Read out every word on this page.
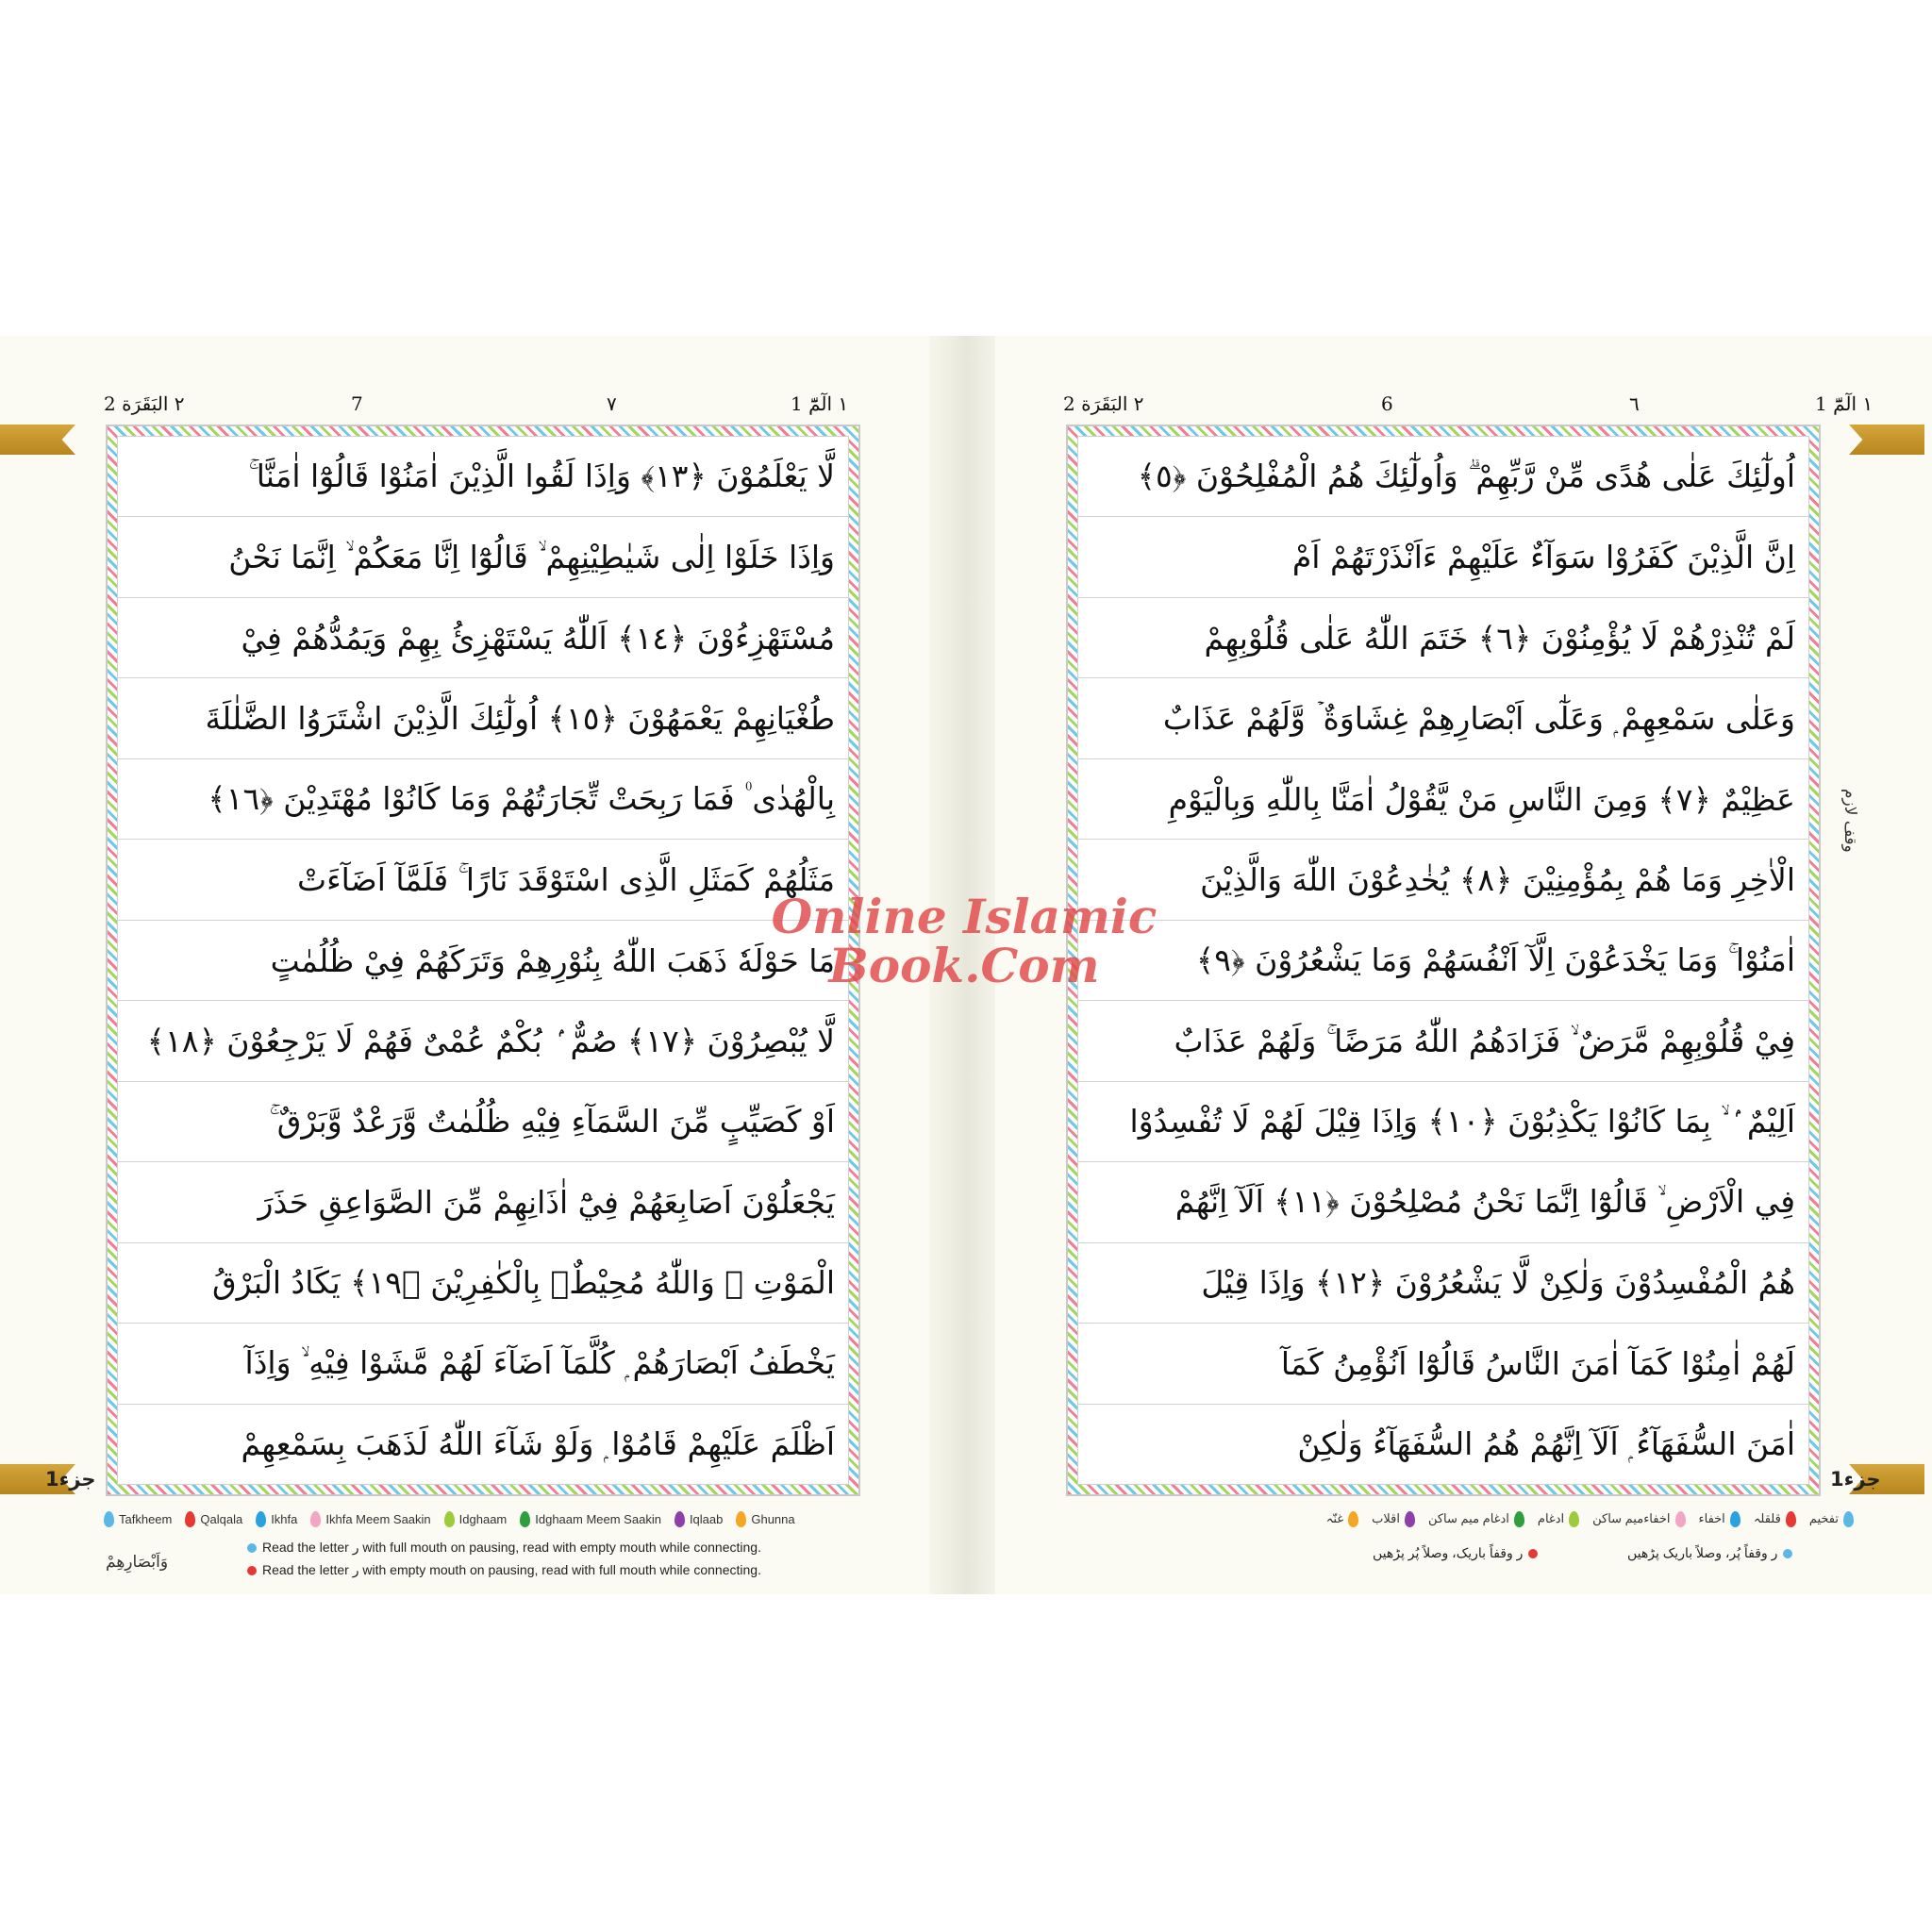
٢ البَقَرَة 2	7	٧	١ الٓمّٓ 1
لَّا يَعْلَمُوْنَ ﴿١٣﴾ وَاِذَا لَقُوا الَّذِيْنَ اٰمَنُوْا قَالُوْٓا اٰمَنَّا ۚ
وَاِذَا خَلَوْا اِلٰى شَيٰطِيْنِهِمْ ۙ قَالُوْٓا اِنَّا مَعَكُمْ ۙ اِنَّمَا نَحْنُ
مُسْتَهْزِءُوْنَ ﴿١٤﴾ اَللّٰهُ يَسْتَهْزِئُ بِهِمْ وَيَمُدُّهُمْ فِيْ
طُغْيَانِهِمْ يَعْمَهُوْنَ ﴿١٥﴾ اُولٰٓئِكَ الَّذِيْنَ اشْتَرَوُا الضَّلٰلَةَ
بِالْهُدٰى ۠ فَمَا رَبِحَتْ تِّجَارَتُهُمْ وَمَا كَانُوْا مُهْتَدِيْنَ ﴿١٦﴾
مَثَلُهُمْ كَمَثَلِ الَّذِى اسْتَوْقَدَ نَارًا ۚ فَلَمَّآ اَضَآءَتْ
مَا حَوْلَهٗ ذَهَبَ اللّٰهُ بِنُوْرِهِمْ وَتَرَكَهُمْ فِيْ ظُلُمٰتٍ
لَّا يُبْصِرُوْنَ ﴿١٧﴾ صُمٌّ ۢ بُكْمٌ عُمْىٌ فَهُمْ لَا يَرْجِعُوْنَ ﴿١٨﴾
اَوْ كَصَيِّبٍ مِّنَ السَّمَآءِ فِيْهِ ظُلُمٰتٌ وَّرَعْدٌ وَّبَرْقٌ ۚ
يَجْعَلُوْنَ اَصَابِعَهُمْ فِيْٓ اٰذَانِهِمْ مِّنَ الصَّوَاعِقِ حَذَرَ
الْمَوْتِ ۭ وَاللّٰهُ مُحِيْطٌۢ بِالْكٰفِرِيْنَ ﴿١٩﴾ يَكَادُ الْبَرْقُ
يَخْطَفُ اَبْصَارَهُمْ ۭ كُلَّمَآ اَضَآءَ لَهُمْ مَّشَوْا فِيْهِ ۙ وَاِذَآ
اَظْلَمَ عَلَيْهِمْ قَامُوْا ۭ وَلَوْ شَآءَ اللّٰهُ لَذَهَبَ بِسَمْعِهِمْ
جزء1
Tafkheem Qalqala Ikhfa Ikhfa Meem Saakin Idghaam Idghaam Meem Saakin Iqlaab Ghunna
Read the letter ر with full mouth on pausing, read with empty mouth while connecting.
Read the letter ر with empty mouth on pausing, read with full mouth while connecting.
وَاَبْصَارِهِمْ
٢ البَقَرَة 2	6	٦	١ الٓمّٓ 1
اُولٰٓئِكَ عَلٰى هُدًى مِّنْ رَّبِّهِمْ ۗ وَاُولٰٓئِكَ هُمُ الْمُفْلِحُوْنَ ﴿٥﴾
اِنَّ الَّذِيْنَ كَفَرُوْا سَوَآءٌ عَلَيْهِمْ ءَاَنْذَرْتَهُمْ اَمْ
لَمْ تُنْذِرْهُمْ لَا يُؤْمِنُوْنَ ﴿٦﴾ خَتَمَ اللّٰهُ عَلٰى قُلُوْبِهِمْ
وَعَلٰى سَمْعِهِمْ ۭ وَعَلٰٓى اَبْصَارِهِمْ غِشَاوَةٌ ۡ وَّلَهُمْ عَذَابٌ
عَظِيْمٌ ﴿٧﴾ وَمِنَ النَّاسِ مَنْ يَّقُوْلُ اٰمَنَّا بِاللّٰهِ وَبِالْيَوْمِ
الْاٰخِرِ وَمَا هُمْ بِمُؤْمِنِيْنَ ﴿٨﴾ يُخٰدِعُوْنَ اللّٰهَ وَالَّذِيْنَ
اٰمَنُوْا ۚ وَمَا يَخْدَعُوْنَ اِلَّآ اَنْفُسَهُمْ وَمَا يَشْعُرُوْنَ ﴿٩﴾
فِيْ قُلُوْبِهِمْ مَّرَضٌ ۙ فَزَادَهُمُ اللّٰهُ مَرَضًا ۚ وَلَهُمْ عَذَابٌ
اَلِيْمٌ ۢ ۙ بِمَا كَانُوْا يَكْذِبُوْنَ ﴿١٠﴾ وَاِذَا قِيْلَ لَهُمْ لَا تُفْسِدُوْا
فِي الْاَرْضِ ۙ قَالُوْٓا اِنَّمَا نَحْنُ مُصْلِحُوْنَ ﴿١١﴾ اَلَآ اِنَّهُمْ
هُمُ الْمُفْسِدُوْنَ وَلٰكِنْ لَّا يَشْعُرُوْنَ ﴿١٢﴾ وَاِذَا قِيْلَ
لَهُمْ اٰمِنُوْا كَمَآ اٰمَنَ النَّاسُ قَالُوْٓا اَنُؤْمِنُ كَمَآ
اٰمَنَ السُّفَهَآءُ ۭ اَلَآ اِنَّهُمْ هُمُ السُّفَهَآءُ وَلٰكِنْ
وقف لازم
جزء1
تفخیم
قلقلہ
اخفاء
اخفاءمیم ساکن
ادغام
ادغام میم ساکن
اقلاب
غنّہ
ر وقفاً پُر، وصلاً باریک پڑھیں
ر وقفاً باریک، وصلاً پُر پڑھیں
Online Islamic
Book.Com
